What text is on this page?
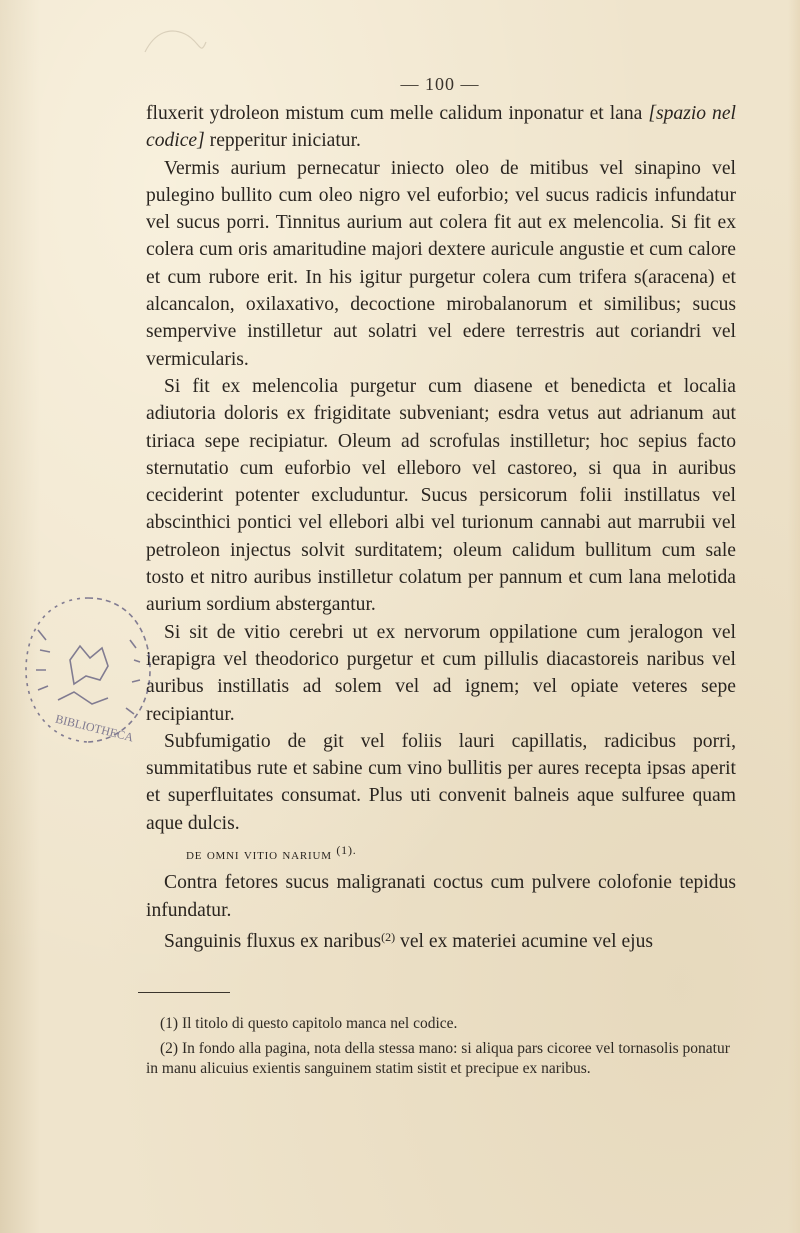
— 100 —

fluxerit ydroleon mistum cum melle calidum inponatur et lana [spazio nel codice] repperitur iniciatur.

Vermis aurium pernecatur iniecto oleo de mitibus vel sinapino vel pulegino bullito cum oleo nigro vel euforbio; vel sucus radicis infundatur vel sucus porri. Tinnitus aurium aut colera fit aut ex melencolia. Si fit ex colera cum oris amaritudine majori dextere auricule angustie et cum calore et cum rubore erit. In his igitur purgetur colera cum trifera s(aracena) et alcancalon, oxilaxativo, decoctione mirobalanorum et similibus; sucus sempervive instilletur aut solatri vel edere terrestris aut coriandri vel vermicularis.

Si fit ex melencolia purgetur cum diasene et benedicta et localia adiutoria doloris ex frigiditate subveniant; esdra vetus aut adrianum aut tiriaca sepe recipiatur. Oleum ad scrofulas instilletur; hoc sepius facto sternutatio cum euforbio vel elleboro vel castoreo, si qua in auribus ceciderint potenter excluduntur. Sucus persicorum folii instillatus vel abscinthici pontici vel ellebori albi vel turionum cannabi aut marrubii vel petroleon injectus solvit surditatem; oleum calidum bullitum cum sale tosto et nitro auribus instilletur colatum per pannum et cum lana melotida aurium sordium abstergantur.

Si sit de vitio cerebri ut ex nervorum oppilatione cum jeralogon vel ierapigra vel theodorico purgetur et cum pillulis diacastoreis naribus vel auribus instillatis ad solem vel ad ignem; vel opiate veteres sepe recipiantur.

Subfumigatio de git vel foliis lauri capillatis, radicibus porri, summitatibus rute et sabine cum vino bullitis per aures recepta ipsas aperit et superfluitates consumat. Plus uti convenit balneis aque sulfuree quam aque dulcis.

de omni vitio narium $^{(1).}$

Contra fetores sucus maligranati coctus cum pulvere colofonie tepidus infundatur.

Sanguinis fluxus ex naribus$^{(2)}$ vel ex materiei acumine vel ejus

(1) Il titolo di questo capitolo manca nel codice.

(2) In fondo alla pagina, nota della stessa mano: si aliqua pars cicoree vel tornasolis ponatur in manu alicuius exientis sanguinem statim sistit et precipue ex naribus.

BIBLIOTHECA
